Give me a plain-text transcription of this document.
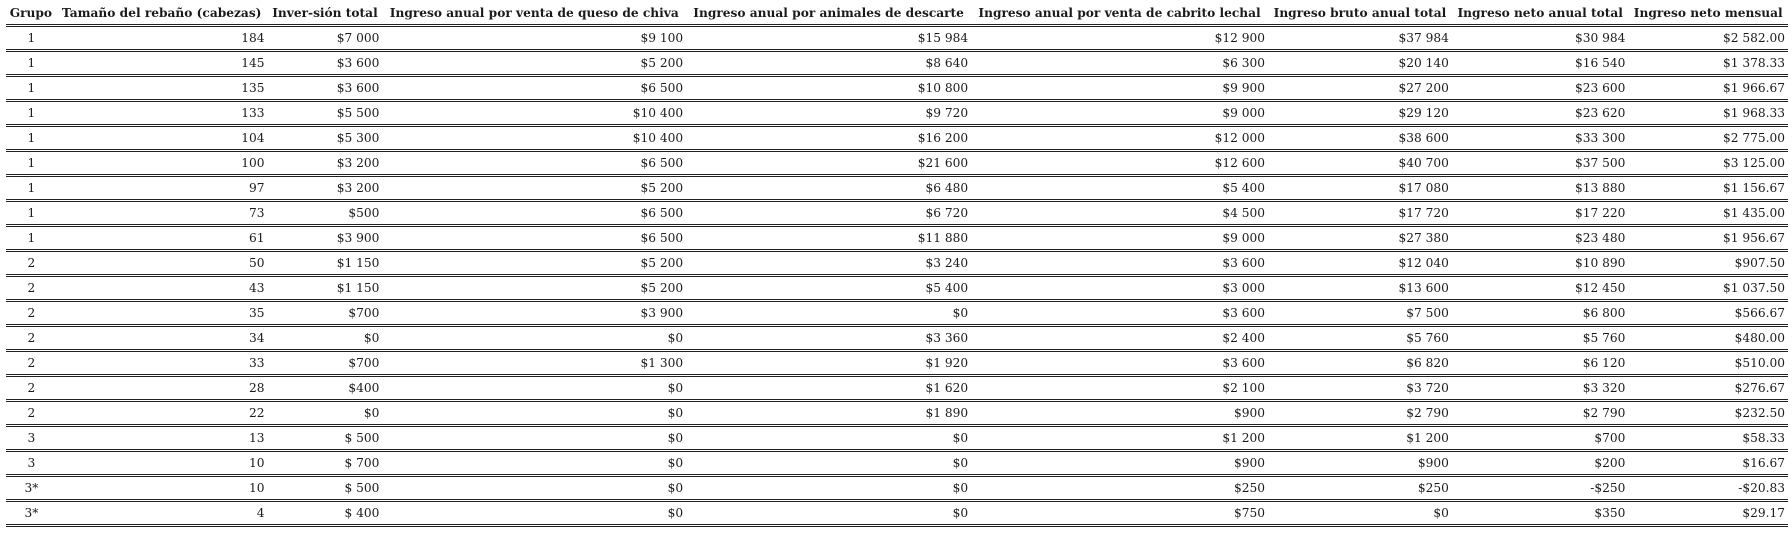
Grupo	Tamaño del rebaño (cabezas)	Inver-sión total	Ingreso anual por venta de queso de chiva	Ingreso anual por animales de descarte	Ingreso anual por venta de cabrito lechal	Ingreso bruto anual total	Ingreso neto anual total	Ingreso neto mensual
1	184	$7 000	$9 100	$15 984	$12 900	$37 984	$30 984	$2 582.00
1	145	$3 600	$5 200	$8 640	$6 300	$20 140	$16 540	$1 378.33
1	135	$3 600	$6 500	$10 800	$9 900	$27 200	$23 600	$1 966.67
1	133	$5 500	$10 400	$9 720	$9 000	$29 120	$23 620	$1 968.33
1	104	$5 300	$10 400	$16 200	$12 000	$38 600	$33 300	$2 775.00
1	100	$3 200	$6 500	$21 600	$12 600	$40 700	$37 500	$3 125.00
1	97	$3 200	$5 200	$6 480	$5 400	$17 080	$13 880	$1 156.67
1	73	$500	$6 500	$6 720	$4 500	$17 720	$17 220	$1 435.00
1	61	$3 900	$6 500	$11 880	$9 000	$27 380	$23 480	$1 956.67
2	50	$1 150	$5 200	$3 240	$3 600	$12 040	$10 890	$907.50
2	43	$1 150	$5 200	$5 400	$3 000	$13 600	$12 450	$1 037.50
2	35	$700	$3 900	$0	$3 600	$7 500	$6 800	$566.67
2	34	$0	$0	$3 360	$2 400	$5 760	$5 760	$480.00
2	33	$700	$1 300	$1 920	$3 600	$6 820	$6 120	$510.00
2	28	$400	$0	$1 620	$2 100	$3 720	$3 320	$276.67
2	22	$0	$0	$1 890	$900	$2 790	$2 790	$232.50
3	13	$ 500	$0	$0	$1 200	$1 200	$700	$58.33
3	10	$ 700	$0	$0	$900	$900	$200	$16.67
3*	10	$ 500	$0	$0	$250	$250	-$250	-$20.83
3*	4	$ 400	$0	$0	$750	$0	$350	$29.17
